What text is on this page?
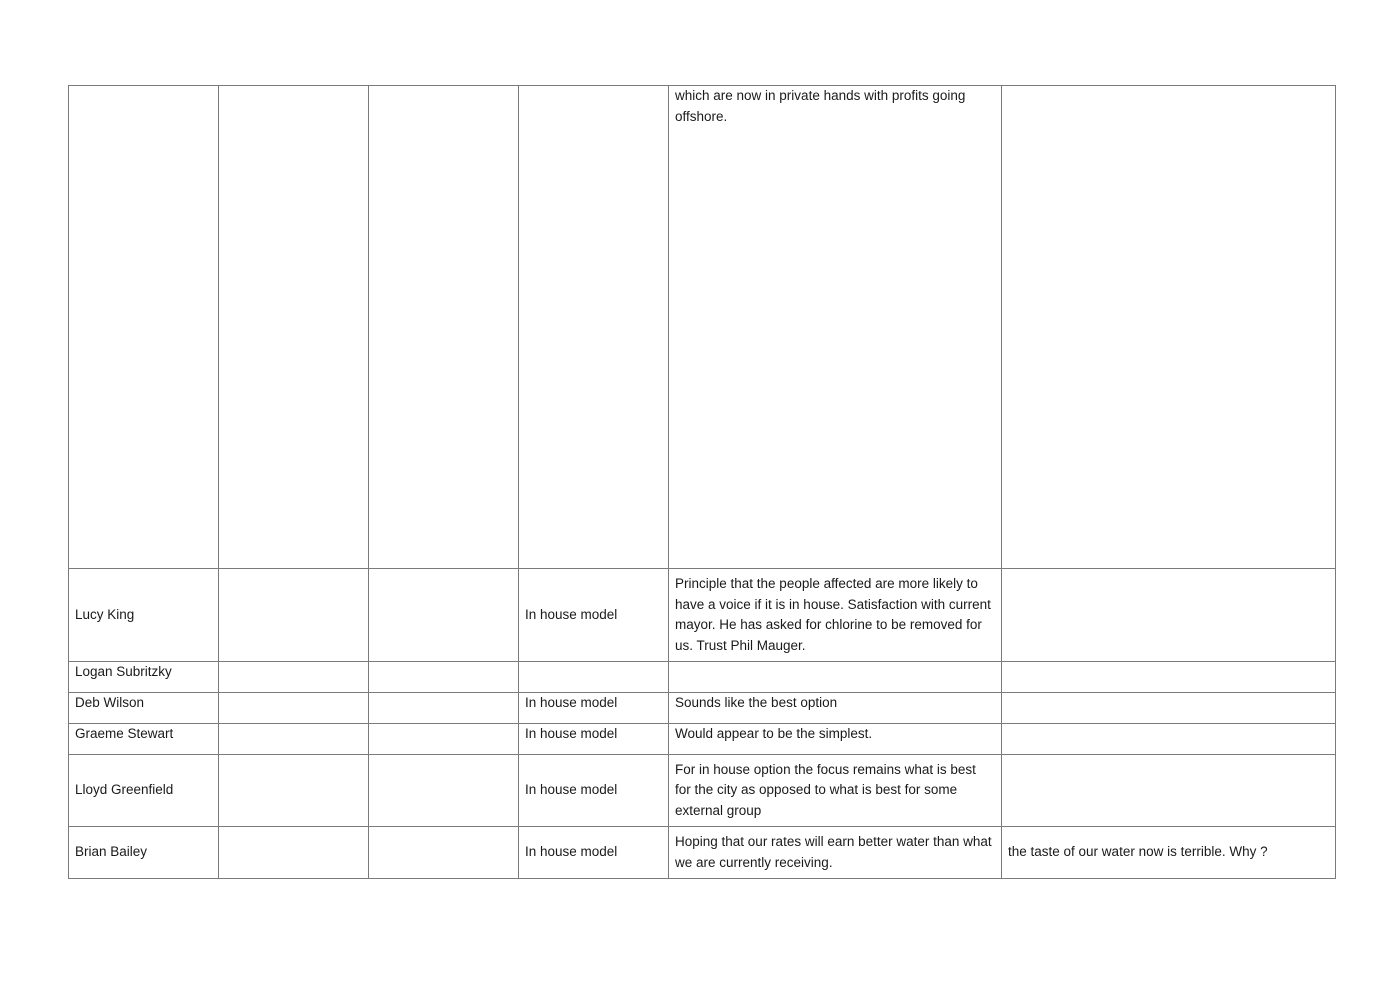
				which are now in private hands with profits going offshore.	

Lucy King			In house model	Principle that the people affected are more likely to have a voice if it is in house. Satisfaction with current mayor. He has asked for chlorine to be removed for us. Trust Phil Mauger.	

Logan Subritzky					

Deb Wilson			In house model	Sounds like the best option	

Graeme Stewart			In house model	Would appear to be the simplest.	

Lloyd Greenfield			In house model	For in house option the focus remains what is best for the city as opposed to what is best for some external group	

Brian Bailey			In house model	Hoping that our rates will earn better water than what we are currently receiving.	the taste of our water now is terrible. Why ?
